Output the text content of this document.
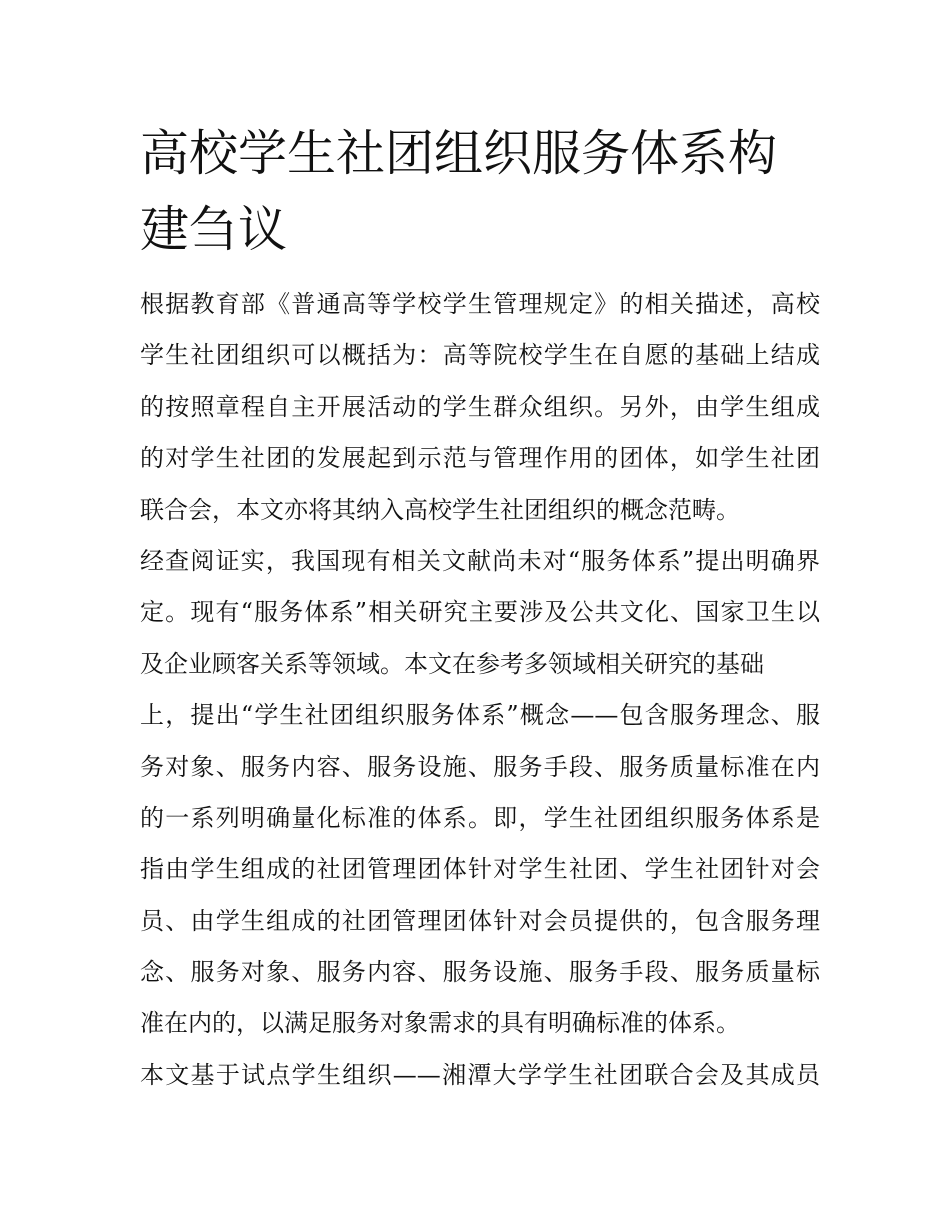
高校学生社团组织服务体系构
建刍议

根据教育部《普通高等学校学生管理规定》的相关描述，高校

学生社团组织可以概括为：高等院校学生在自愿的基础上结成

的按照章程自主开展活动的学生群众组织。另外，由学生组成

的对学生社团的发展起到示范与管理作用的团体，如学生社团

联合会，本文亦将其纳入高校学生社团组织的概念范畴。

经查阅证实，我国现有相关文献尚未对“服务体系”提出明确界

定。现有“服务体系”相关研究主要涉及公共文化、国家卫生以

及企业顾客关系等领域。本文在参考多领域相关研究的基础

上，提出“学生社团组织服务体系”概念——包含服务理念、服

务对象、服务内容、服务设施、服务手段、服务质量标准在内

的一系列明确量化标准的体系。即，学生社团组织服务体系是

指由学生组成的社团管理团体针对学生社团、学生社团针对会

员、由学生组成的社团管理团体针对会员提供的，包含服务理

念、服务对象、服务内容、服务设施、服务手段、服务质量标

准在内的，以满足服务对象需求的具有明确标准的体系。

本文基于试点学生组织——湘潭大学学生社团联合会及其成员
